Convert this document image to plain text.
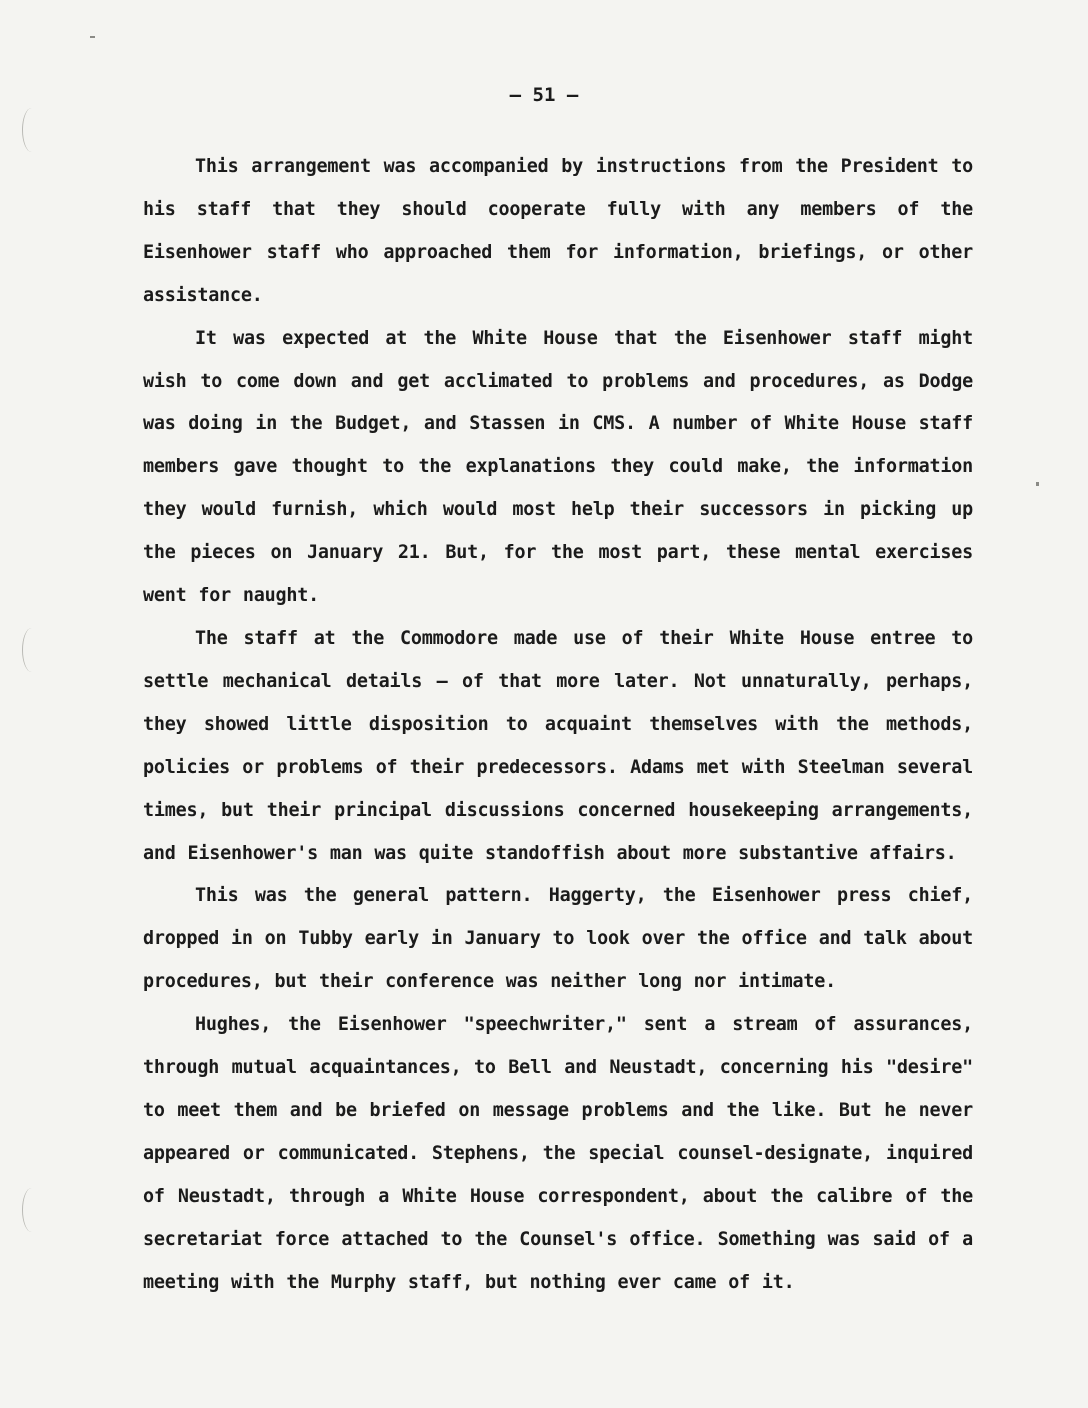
— 51 —

This arrangement was accompanied by instructions from the President to his staff that they should cooperate fully with any members of the Eisenhower staff who approached them for information, briefings, or other assistance.

It was expected at the White House that the Eisenhower staff might wish to come down and get acclimated to problems and procedures, as Dodge was doing in the Budget, and Stassen in CMS. A number of White House staff members gave thought to the explanations they could make, the information they would furnish, which would most help their successors in picking up the pieces on January 21. But, for the most part, these mental exercises went for naught.

The staff at the Commodore made use of their White House entree to settle mechanical details — of that more later. Not unnaturally, perhaps, they showed little disposition to acquaint themselves with the methods, policies or problems of their predecessors. Adams met with Steelman several times, but their principal discussions concerned housekeeping arrangements, and Eisenhower's man was quite standoffish about more substantive affairs.

This was the general pattern. Haggerty, the Eisenhower press chief, dropped in on Tubby early in January to look over the office and talk about procedures, but their conference was neither long nor intimate.

Hughes, the Eisenhower "speechwriter," sent a stream of assurances, through mutual acquaintances, to Bell and Neustadt, concerning his "desire" to meet them and be briefed on message problems and the like. But he never appeared or communicated. Stephens, the special counsel-designate, inquired of Neustadt, through a White House correspondent, about the calibre of the secretariat force attached to the Counsel's office. Something was said of a meeting with the Murphy staff, but nothing ever came of it.
